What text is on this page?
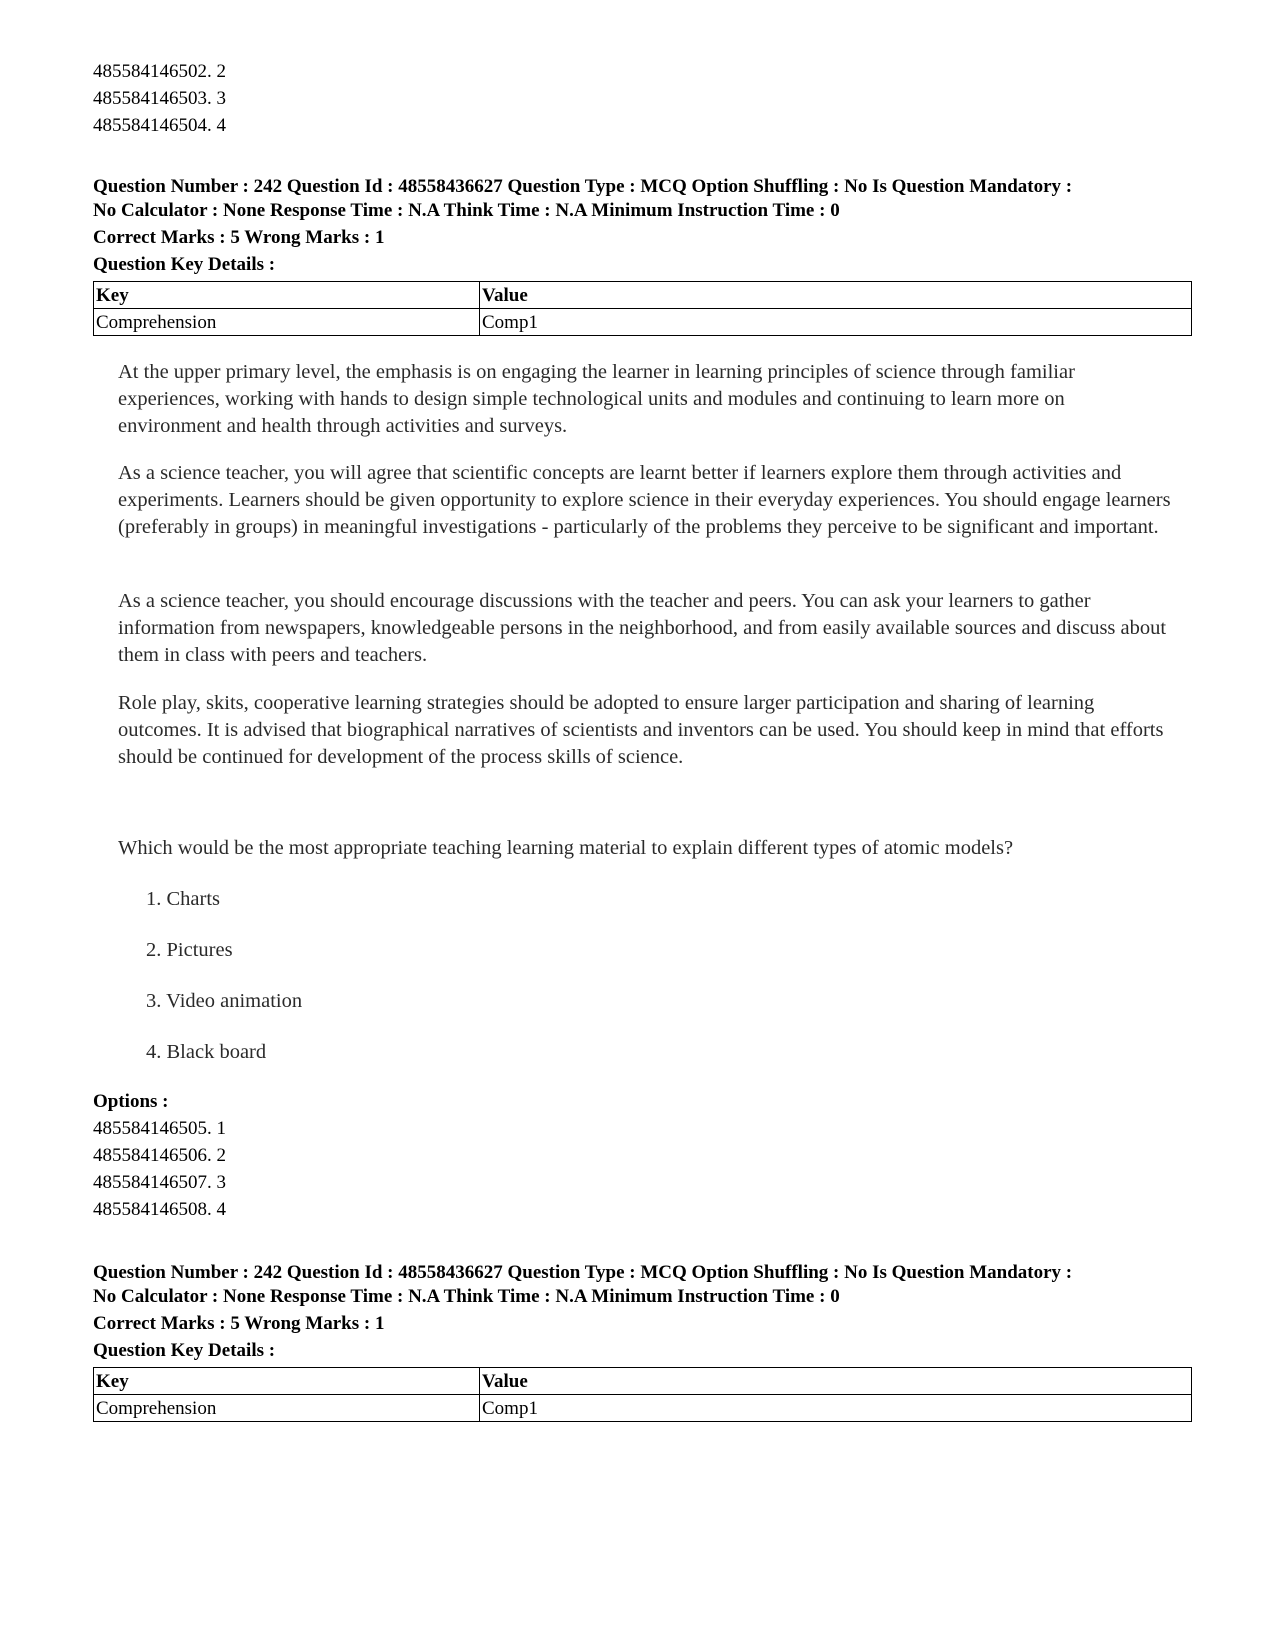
485584146502. 2
485584146503. 3
485584146504. 4
Question Number : 242 Question Id : 48558436627 Question Type : MCQ Option Shuffling : No Is Question Mandatory :
No Calculator : None Response Time : N.A Think Time : N.A Minimum Instruction Time : 0
Correct Marks : 5 Wrong Marks : 1
Question Key Details :
Key	Value
Comprehension	Comp1

At the upper primary level, the emphasis is on engaging the learner in learning principles of science through familiar experiences, working with hands to design simple technological units and modules and continuing to learn more on environment and health through activities and surveys.

As a science teacher, you will agree that scientific concepts are learnt better if learners explore them through activities and experiments. Learners should be given opportunity to explore science in their everyday experiences. You should engage learners (preferably in groups) in meaningful investigations - particularly of the problems they perceive to be significant and important.

As a science teacher, you should encourage discussions with the teacher and peers. You can ask your learners to gather information from newspapers, knowledgeable persons in the neighborhood, and from easily available sources and discuss about them in class with peers and teachers.

Role play, skits, cooperative learning strategies should be adopted to ensure larger participation and sharing of learning outcomes. It is advised that biographical narratives of scientists and inventors can be used. You should keep in mind that efforts should be continued for development of the process skills of science.

Which would be the most appropriate teaching learning material to explain different types of atomic models?
1. Charts
2. Pictures
3. Video animation
4. Black board
Options :
485584146505. 1
485584146506. 2
485584146507. 3
485584146508. 4
Question Number : 242 Question Id : 48558436627 Question Type : MCQ Option Shuffling : No Is Question Mandatory :
No Calculator : None Response Time : N.A Think Time : N.A Minimum Instruction Time : 0
Correct Marks : 5 Wrong Marks : 1
Question Key Details :
Key	Value
Comprehension	Comp1
